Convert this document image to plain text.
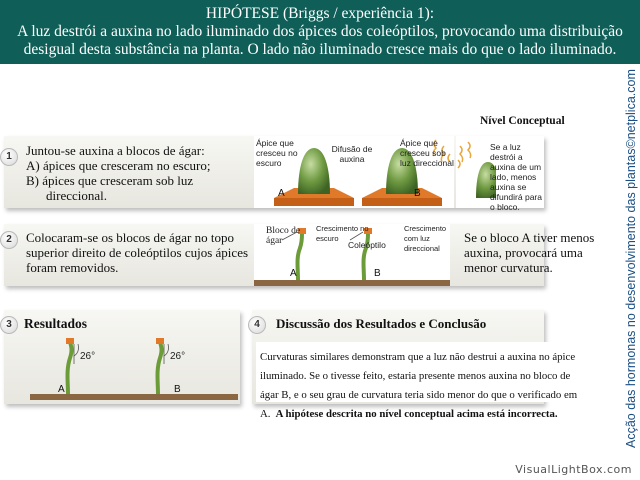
HIPÓTESE (Briggs / experiência 1):
A luz destrói a auxina no lado iluminado dos ápices dos coleóptilos, provocando uma distribuição desigual desta substância na planta. O lado não iluminado cresce mais do que o lado iluminado.
Nível Conceptual
1	Juntou-se auxina a blocos de ágar:
A) ápices que cresceram no escuro;
B) ápices que cresceram sob luz direccional.
Ápice que cresceu no escuro
Difusão de auxina
Ápice que cresceu sob luz direccional
A	B
Se a luz destrói a auxina de um lado, menos auxina se difundirá para o bloco.
2	Colocaram-se os blocos de ágar no topo superior direito de coleóptilos cujos ápices foram removidos.
Bloco de ágar
Crescimento no escuro
Coleóptilo
Crescimento com luz direccional
A	B
Se o bloco A tiver menos auxina, provocará uma menor curvatura.
3 Resultados
26°	26°
A	B
4	Discussão dos Resultados e Conclusão
Curvaturas similares demonstram que a luz não destrui a auxina no ápice iluminado. Se o tivesse feito, estaria presente menos auxina no bloco de ágar B, e o seu grau de curvatura teria sido menor do que o verificado em A. A hipótese descrita no nível conceptual acima está incorrecta.	Acção das hormonas no desenvolvimento das plantas©netplica.com
VisualLightBox.com
